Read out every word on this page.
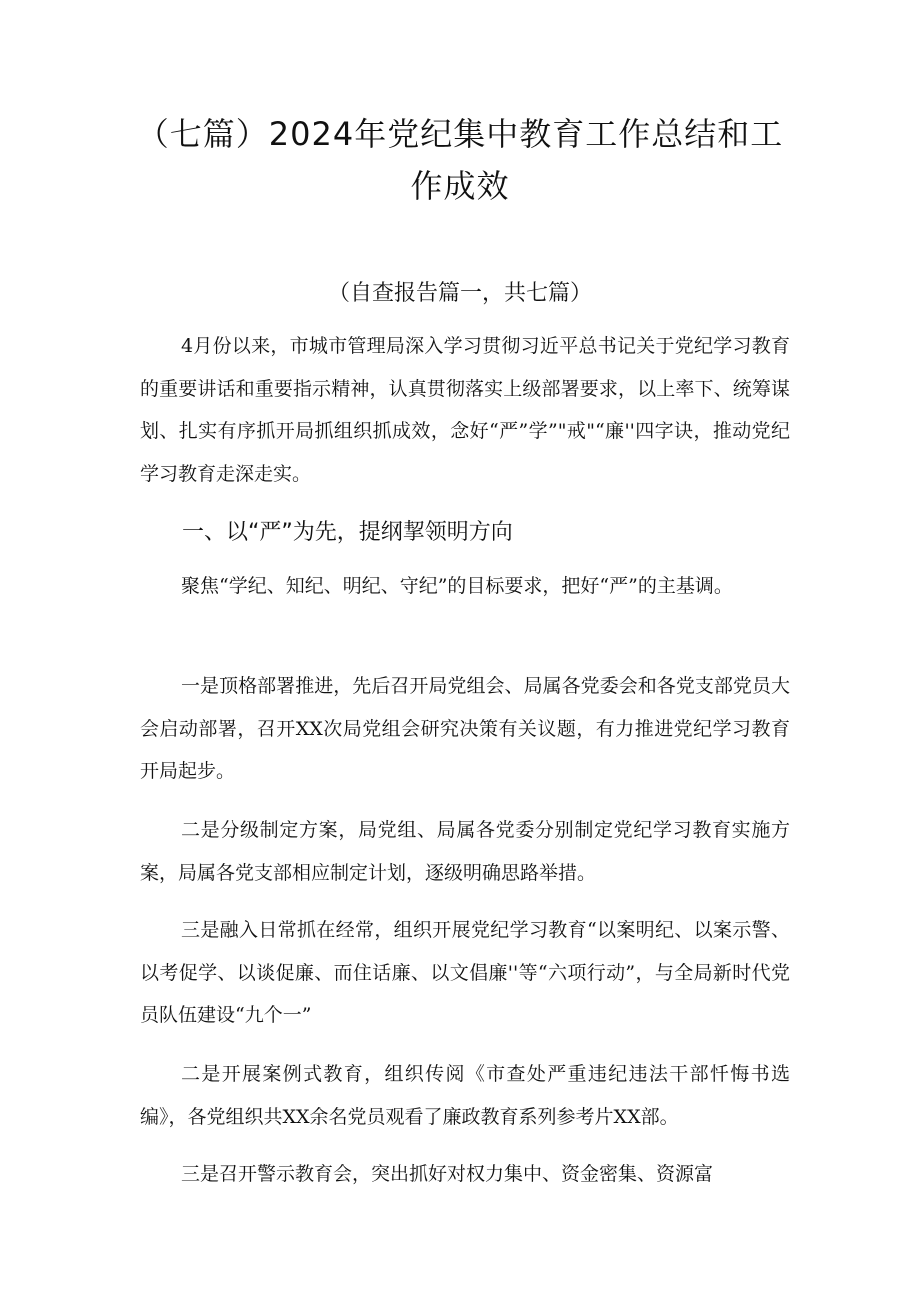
（七篇）2024年党纪集中教育工作总结和工作成效
（自查报告篇一，共七篇）

4月份以来，市城市管理局深入学习贯彻习近平总书记关于党纪学习教育的重要讲话和重要指示精神，认真贯彻落实上级部署要求，以上率下、统筹谋划、扎实有序抓开局抓组织抓成效，念好“严”学”"戒"“廉''四字诀，推动党纪学习教育走深走实。

一、以“严”为先，提纲挈领明方向

聚焦“学纪、知纪、明纪、守纪”的目标要求，把好“严”的主基调。

一是顶格部署推进，先后召开局党组会、局属各党委会和各党支部党员大会启动部署，召开XX次局党组会研究决策有关议题，有力推进党纪学习教育开局起步。

二是分级制定方案，局党组、局属各党委分别制定党纪学习教育实施方案，局属各党支部相应制定计划，逐级明确思路举措。

三是融入日常抓在经常，组织开展党纪学习教育“以案明纪、以案示警、以考促学、以谈促廉、而住话廉、以文倡廉''等“六项行动”，与全局新时代党员队伍建设“九个一”

二是开展案例式教育，组织传阅《市查处严重违纪违法干部忏悔书选编》，各党组织共XX余名党员观看了廉政教育系列参考片XX部。

三是召开警示教育会，突出抓好对权力集中、资金密集、资源富
